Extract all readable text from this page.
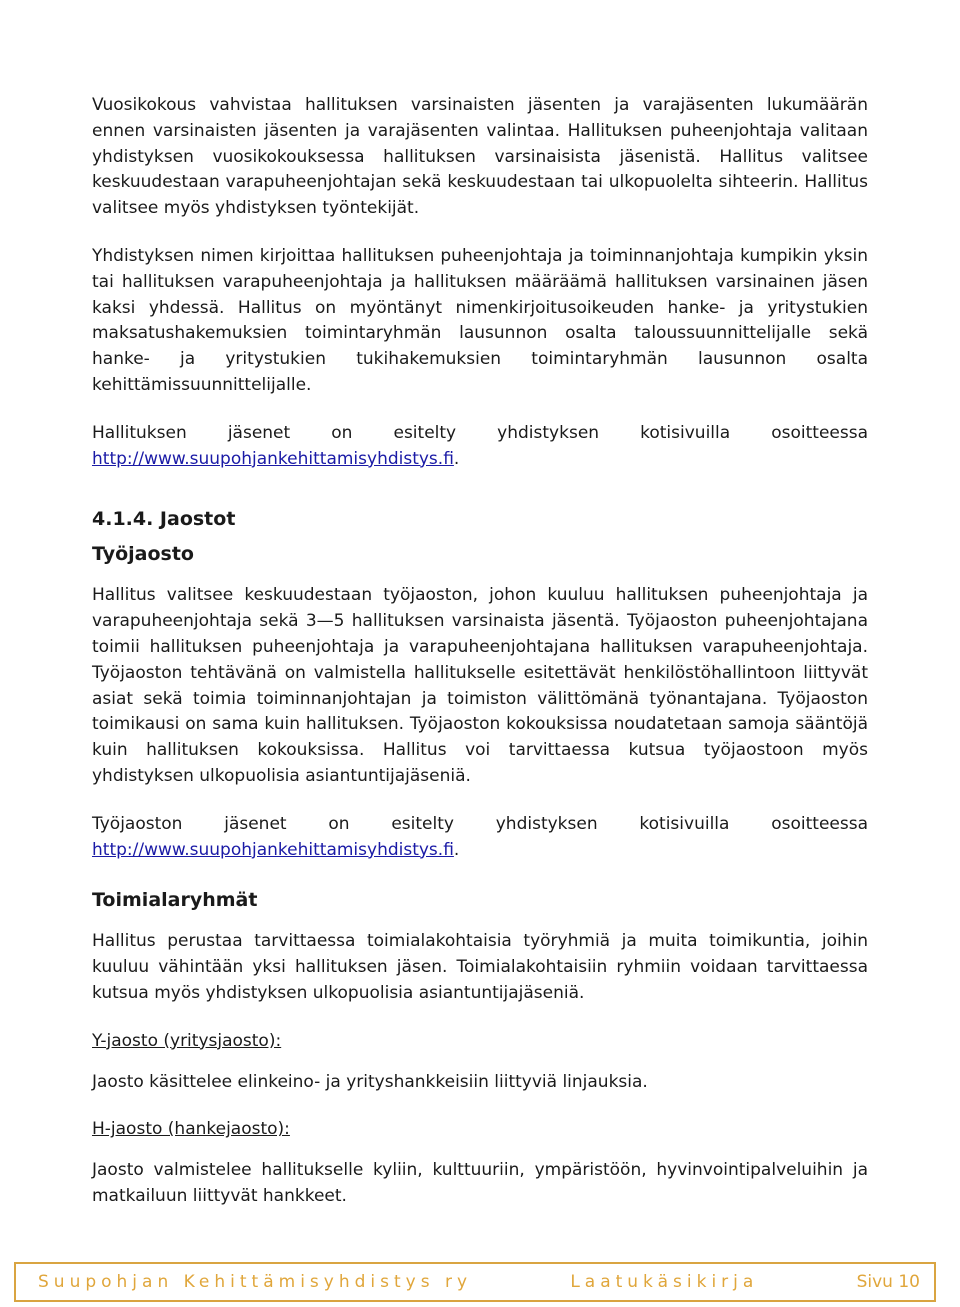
Vuosikokous vahvistaa hallituksen varsinaisten jäsenten ja varajäsenten lukumäärän ennen varsinaisten jäsenten ja varajäsenten valintaa. Hallituksen puheenjohtaja valitaan yhdistyksen vuosikokouksessa hallituksen varsinaisista jäsenistä. Hallitus valitsee keskuudestaan varapuheenjohtajan sekä keskuudestaan tai ulkopuolelta sihteerin. Hallitus valitsee myös yhdistyksen työntekijät.

Yhdistyksen nimen kirjoittaa hallituksen puheenjohtaja ja toiminnanjohtaja kumpikin yksin tai hallituksen varapuheenjohtaja ja hallituksen määräämä hallituksen varsinainen jäsen kaksi yhdessä. Hallitus on myöntänyt nimenkirjoitusoikeuden hanke- ja yritystukien maksatushakemuksien toimintaryhmän lausunnon osalta taloussuunnittelijalle sekä hanke- ja yritystukien tukihakemuksien toimintaryhmän lausunnon osalta kehittämissuunnittelijalle.

Hallituksen jäsenet on esitelty yhdistyksen kotisivuilla osoitteessa http://www.suupohjankehittamisyhdistys.fi.

4.1.4. Jaostot
Työjaosto

Hallitus valitsee keskuudestaan työjaoston, johon kuuluu hallituksen puheenjohtaja ja varapuheenjohtaja sekä 3—5 hallituksen varsinaista jäsentä. Työjaoston puheenjohtajana toimii hallituksen puheenjohtaja ja varapuheenjohtajana hallituksen varapuheenjohtaja. Työjaoston tehtävänä on valmistella hallitukselle esitettävät henkilöstöhallintoon liittyvät asiat sekä toimia toiminnanjohtajan ja toimiston välittömänä työnantajana. Työjaoston toimikausi on sama kuin hallituksen. Työjaoston kokouksissa noudatetaan samoja sääntöjä kuin hallituksen kokouksissa. Hallitus voi tarvittaessa kutsua työjaostoon myös yhdistyksen ulkopuolisia asiantuntijajäseniä.

Työjaoston jäsenet on esitelty yhdistyksen kotisivuilla osoitteessa http://www.suupohjankehittamisyhdistys.fi.

Toimialaryhmät

Hallitus perustaa tarvittaessa toimialakohtaisia työryhmiä ja muita toimikuntia, joihin kuuluu vähintään yksi hallituksen jäsen. Toimialakohtaisiin ryhmiin voidaan tarvittaessa kutsua myös yhdistyksen ulkopuolisia asiantuntijajäseniä.

Y-jaosto (yritysjaosto):

Jaosto käsittelee elinkeino- ja yrityshankkeisiin liittyviä linjauksia.

H-jaosto (hankejaosto):

Jaosto valmistelee hallitukselle kyliin, kulttuuriin, ympäristöön, hyvinvointipalveluihin ja matkailuun liittyvät hankkeet.

Suupohjan Kehittämisyhdistys ry	Laatukäsikirja	Sivu 10
